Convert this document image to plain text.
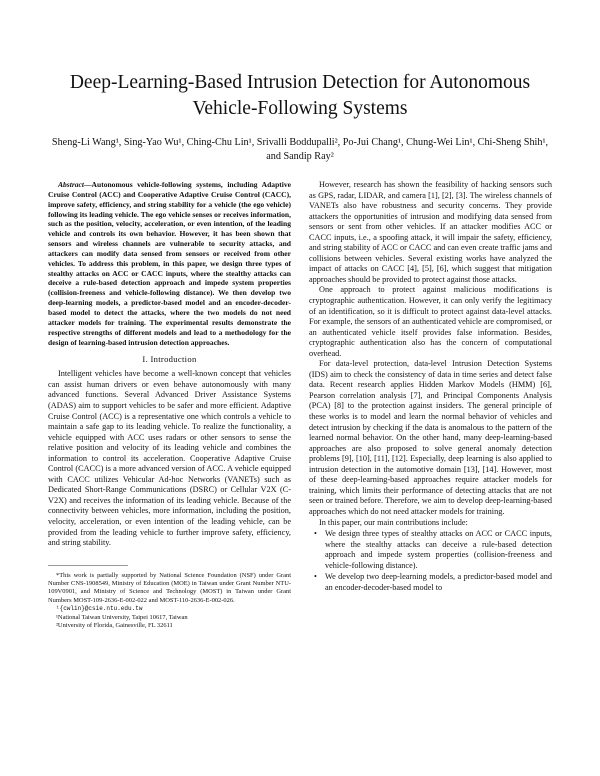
Deep-Learning-Based Intrusion Detection for Autonomous Vehicle-Following Systems
Sheng-Li Wang¹, Sing-Yao Wu¹, Ching-Chu Lin¹, Srivalli Boddupalli², Po-Jui Chang¹, Chung-Wei Lin¹, Chi-Sheng Shih¹, and Sandip Ray²

Abstract—Autonomous vehicle-following systems, including Adaptive Cruise Control (ACC) and Cooperative Adaptive Cruise Control (CACC), improve safety, efficiency, and string stability for a vehicle (the ego vehicle) following its leading vehicle. The ego vehicle senses or receives information, such as the position, velocity, acceleration, or even intention, of the leading vehicle and controls its own behavior. However, it has been shown that sensors and wireless channels are vulnerable to security attacks, and attackers can modify data sensed from sensors or received from other vehicles. To address this problem, in this paper, we design three types of stealthy attacks on ACC or CACC inputs, where the stealthy attacks can deceive a rule-based detection approach and impede system properties (collision-freeness and vehicle-following distance). We then develop two deep-learning models, a predictor-based model and an encoder-decoder-based model to detect the attacks, where the two models do not need attacker models for training. The experimental results demonstrate the respective strengths of different models and lead to a methodology for the design of learning-based intrusion detection approaches.

I. Introduction

Intelligent vehicles have become a well-known concept that vehicles can assist human drivers or even behave autonomously with many advanced functions. Several Advanced Driver Assistance Systems (ADAS) aim to support vehicles to be safer and more efficient. Adaptive Cruise Control (ACC) is a representative one which controls a vehicle to maintain a safe gap to its leading vehicle. To realize the functionality, a vehicle equipped with ACC uses radars or other sensors to sense the relative position and velocity of its leading vehicle and combines the information to control its acceleration. Cooperative Adaptive Cruise Control (CACC) is a more advanced version of ACC. A vehicle equipped with CACC utilizes Vehicular Ad-hoc Networks (VANETs) such as Dedicated Short-Range Communications (DSRC) or Cellular V2X (C-V2X) and receives the information of its leading vehicle. Because of the connectivity between vehicles, more information, including the position, velocity, acceleration, or even intention of the leading vehicle, can be provided from the leading vehicle to further improve safety, efficiency, and string stability.

*This work is partially supported by National Science Foundation (NSF) under Grant Number CNS-1908549, Ministry of Education (MOE) in Taiwan under Grant Number NTU-109V0901, and Ministry of Science and Technology (MOST) in Taiwan under Grant Numbers MOST-109-2636-E-002-022 and MOST-110-2636-E-002-026.

¹{cwlin}@csie.ntu.edu.tw

¹National Taiwan University, Taipei 10617, Taiwan

²University of Florida, Gainesville, FL 32611

However, research has shown the feasibility of hacking sensors such as GPS, radar, LIDAR, and camera [1], [2], [3]. The wireless channels of VANETs also have robustness and security concerns. They provide attackers the opportunities of intrusion and modifying data sensed from sensors or sent from other vehicles. If an attacker modifies ACC or CACC inputs, i.e., a spoofing attack, it will impair the safety, efficiency, and string stability of ACC or CACC and can even create traffic jams and collisions between vehicles. Several existing works have analyzed the impact of attacks on CACC [4], [5], [6], which suggest that mitigation approaches should be provided to protect against those attacks.

One approach to protect against malicious modifications is cryptographic authentication. However, it can only verify the legitimacy of an identification, so it is difficult to protect against data-level attacks. For example, the sensors of an authenticated vehicle are compromised, or an authenticated vehicle itself provides false information. Besides, cryptographic authentication also has the concern of computational overhead.

For data-level protection, data-level Intrusion Detection Systems (IDS) aim to check the consistency of data in time series and detect false data. Recent research applies Hidden Markov Models (HMM) [6], Pearson correlation analysis [7], and Principal Components Analysis (PCA) [8] to the protection against insiders. The general principle of these works is to model and learn the normal behavior of vehicles and detect intrusion by checking if the data is anomalous to the pattern of the learned normal behavior. On the other hand, many deep-learning-based approaches are also proposed to solve general anomaly detection problems [9], [10], [11], [12]. Especially, deep learning is also applied to intrusion detection in the automotive domain [13], [14]. However, most of these deep-learning-based approaches require attacker models for training, which limits their performance of detecting attacks that are not seen or trained before. Therefore, we aim to develop deep-learning-based approaches which do not need attacker models for training.

In this paper, our main contributions include:

• We design three types of stealthy attacks on ACC or CACC inputs, where the stealthy attacks can deceive a rule-based detection approach and impede system properties (collision-freeness and vehicle-following distance).
• We develop two deep-learning models, a predictor-based model and an encoder-decoder-based model to
